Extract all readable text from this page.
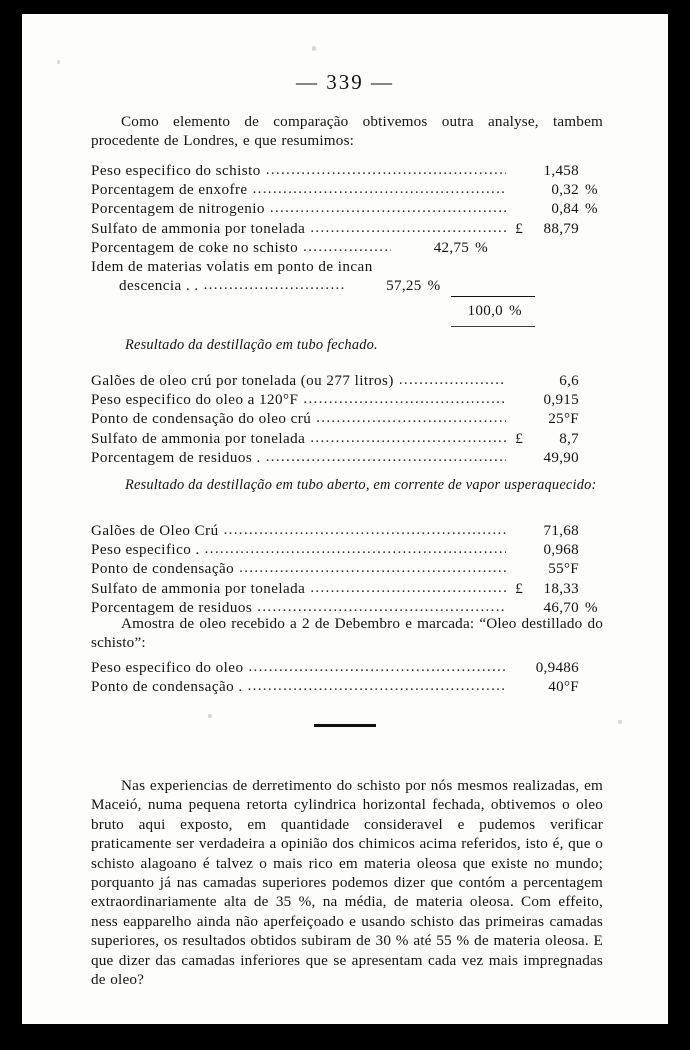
— 339 —

Como elemento de comparação obtivemos outra analyse, tambem procedente de Londres, e que resumimos:

Peso especifico do schisto .....	1,458
Porcentagem de enxofre .....	0,32 %
Porcentagem de nitrogenio .....	0,84 %
Sulfato de ammonia por tonelada .....	£	88,79
Porcentagem de coke no schisto .....	42,75 %
Idem de materias volatis em ponto de incan
descencia . . .....	57,25 %
100,0 %

Resultado da destillação em tubo fechado.

Galões de oleo crú por tonelada (ou 277 litros) .....	6,6
Peso especifico do oleo a 120°F .....	0,915
Ponto de condensação do oleo crú .....	25°F
Sulfato de ammonia por tonelada .....	£	8,7
Porcentagem de residuos . .....	49,90

Resultado da destillação em tubo aberto, em corrente de vapor usperaquecido:

Galões de Oleo Crú .....	71,68
Peso especifico . .....	0,968
Ponto de condensação .....	55°F
Sulfato de ammonia por tonelada .....	£	18,33
Porcentagem de residuos .....	46,70 %

Amostra de oleo recebido a 2 de Debembro e marcada: “Oleo destillado do schisto”:

Peso especifico do oleo .....	0,9486
Ponto de condensação . .....	40°F

Nas experiencias de derretimento do schisto por nós mesmos realizadas, em Maceió, numa pequena retorta cylindrica horizontal fechada, obtivemos o oleo bruto aqui exposto, em quantidade consideravel e pudemos verificar praticamente ser verdadeira a opinião dos chimicos acima referidos, isto é, que o schisto alagoano é talvez o mais rico em materia oleosa que existe no mundo; porquanto já nas camadas superiores podemos dizer que contóm a percentagem extraordinariamente alta de 35 %, na média, de materia oleosa. Com effeito, ness eapparelho ainda não aperfeiçoado e usando schisto das primeiras camadas superiores, os resultados obtidos subiram de 30 % até 55 % de materia oleosa. E que dizer das camadas inferiores que se apresentam cada vez mais impregnadas de oleo?
